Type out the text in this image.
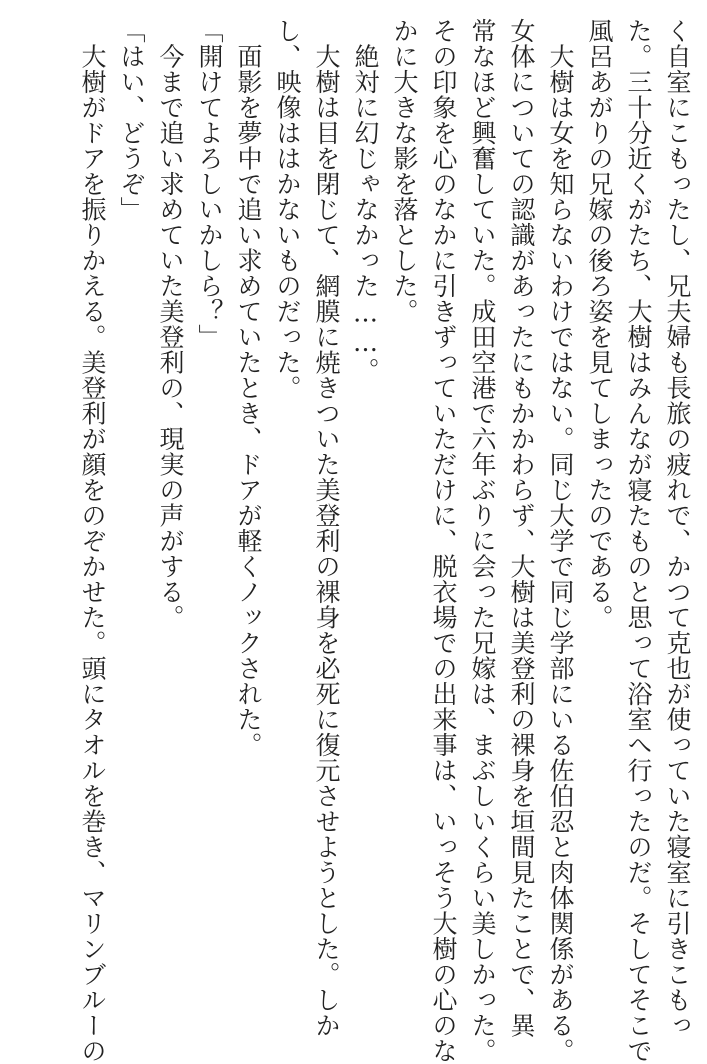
く自室にこもったし、兄夫婦も長旅の疲れで、かつて克也が使っていた寝室に引きこもっ
た。三十分近くがたち、大樹はみんなが寝たものと思って浴室へ行ったのだ。そしてそこで
風呂あがりの兄嫁の後ろ姿を見てしまったのである。
　大樹は女を知らないわけではない。同じ大学で同じ学部にいる佐伯忍と肉体関係がある。
女体についての認識があったにもかかわらず、大樹は美登利の裸身を垣間見たことで、異
常なほど興奮していた。成田空港で六年ぶりに会った兄嫁は、まぶしいくらい美しかった。
その印象を心のなかに引きずっていただけに、脱衣場での出来事は、いっそう大樹の心のな
かに大きな影を落とした。
　絶対に幻じゃなかった……。
　大樹は目を閉じて、網膜に焼きついた美登利の裸身を必死に復元させようとした。しか
し、映像ははかないものだった。
　面影を夢中で追い求めていたとき、ドアが軽くノックされた。
「開けてよろしいかしら？」
　今まで追い求めていた美登利の、現実の声がする。
「はい、どうぞ」
　大樹がドアを振りかえる。美登利が顔をのぞかせた。頭にタオルを巻き、マリンブルーの
